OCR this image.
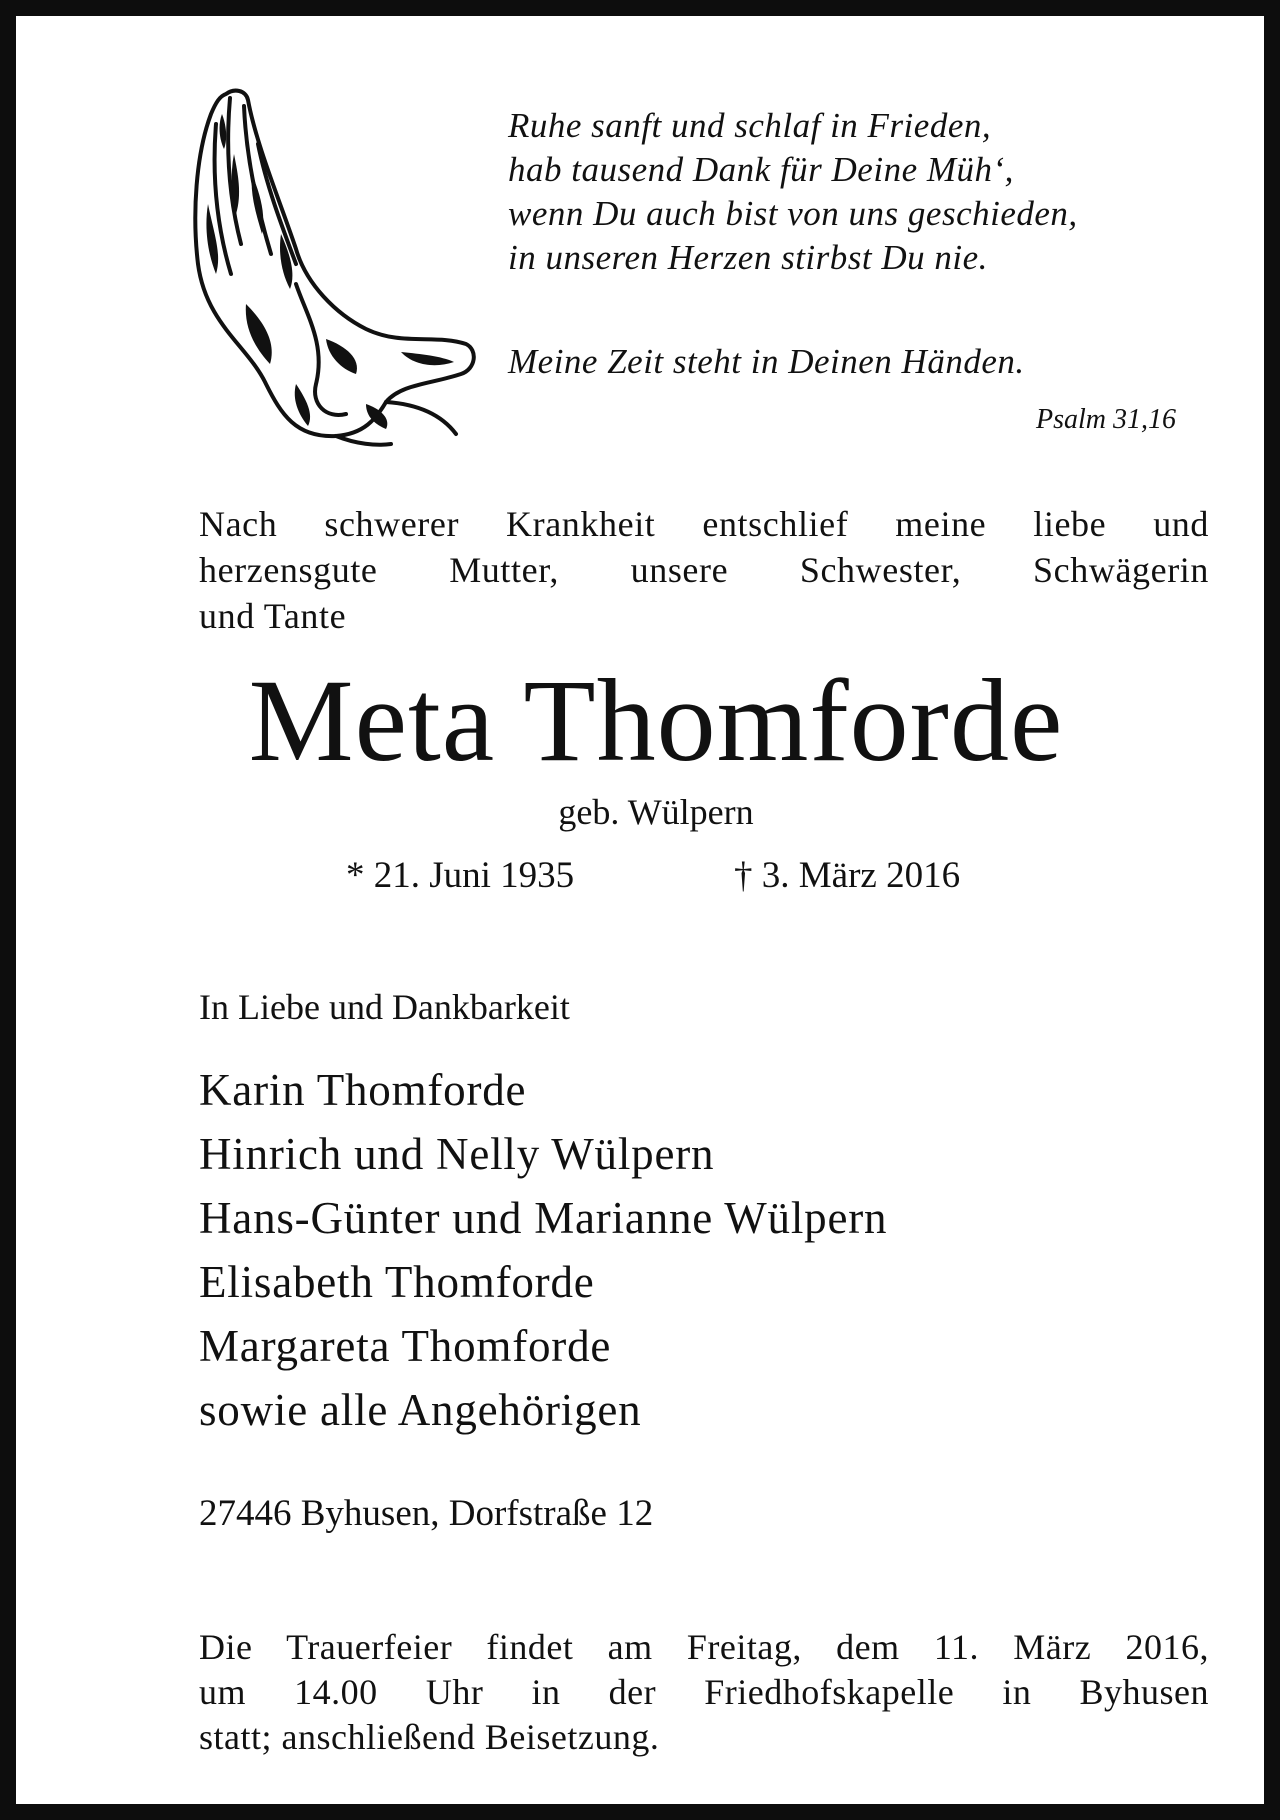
Ruhe sanft und schlaf in Frieden,
hab tausend Dank für Deine Müh‘,
wenn Du auch bist von uns geschieden,
in unseren Herzen stirbst Du nie.
Meine Zeit steht in Deinen Händen.
Psalm 31,16
Nach schwerer Krankheit entschlief meine liebe und
herzensgute Mutter, unsere Schwester, Schwägerin
und Tante
Meta Thomforde
geb. Wülpern
* 21. Juni 1935	† 3. März 2016
In Liebe und Dankbarkeit
Karin Thomforde
Hinrich und Nelly Wülpern
Hans-Günter und Marianne Wülpern
Elisabeth Thomforde
Margareta Thomforde
sowie alle Angehörigen
27446 Byhusen, Dorfstraße 12
Die Trauerfeier findet am Freitag, dem 11. März 2016,
um 14.00 Uhr in der Friedhofskapelle in Byhusen
statt; anschließend Beisetzung.
